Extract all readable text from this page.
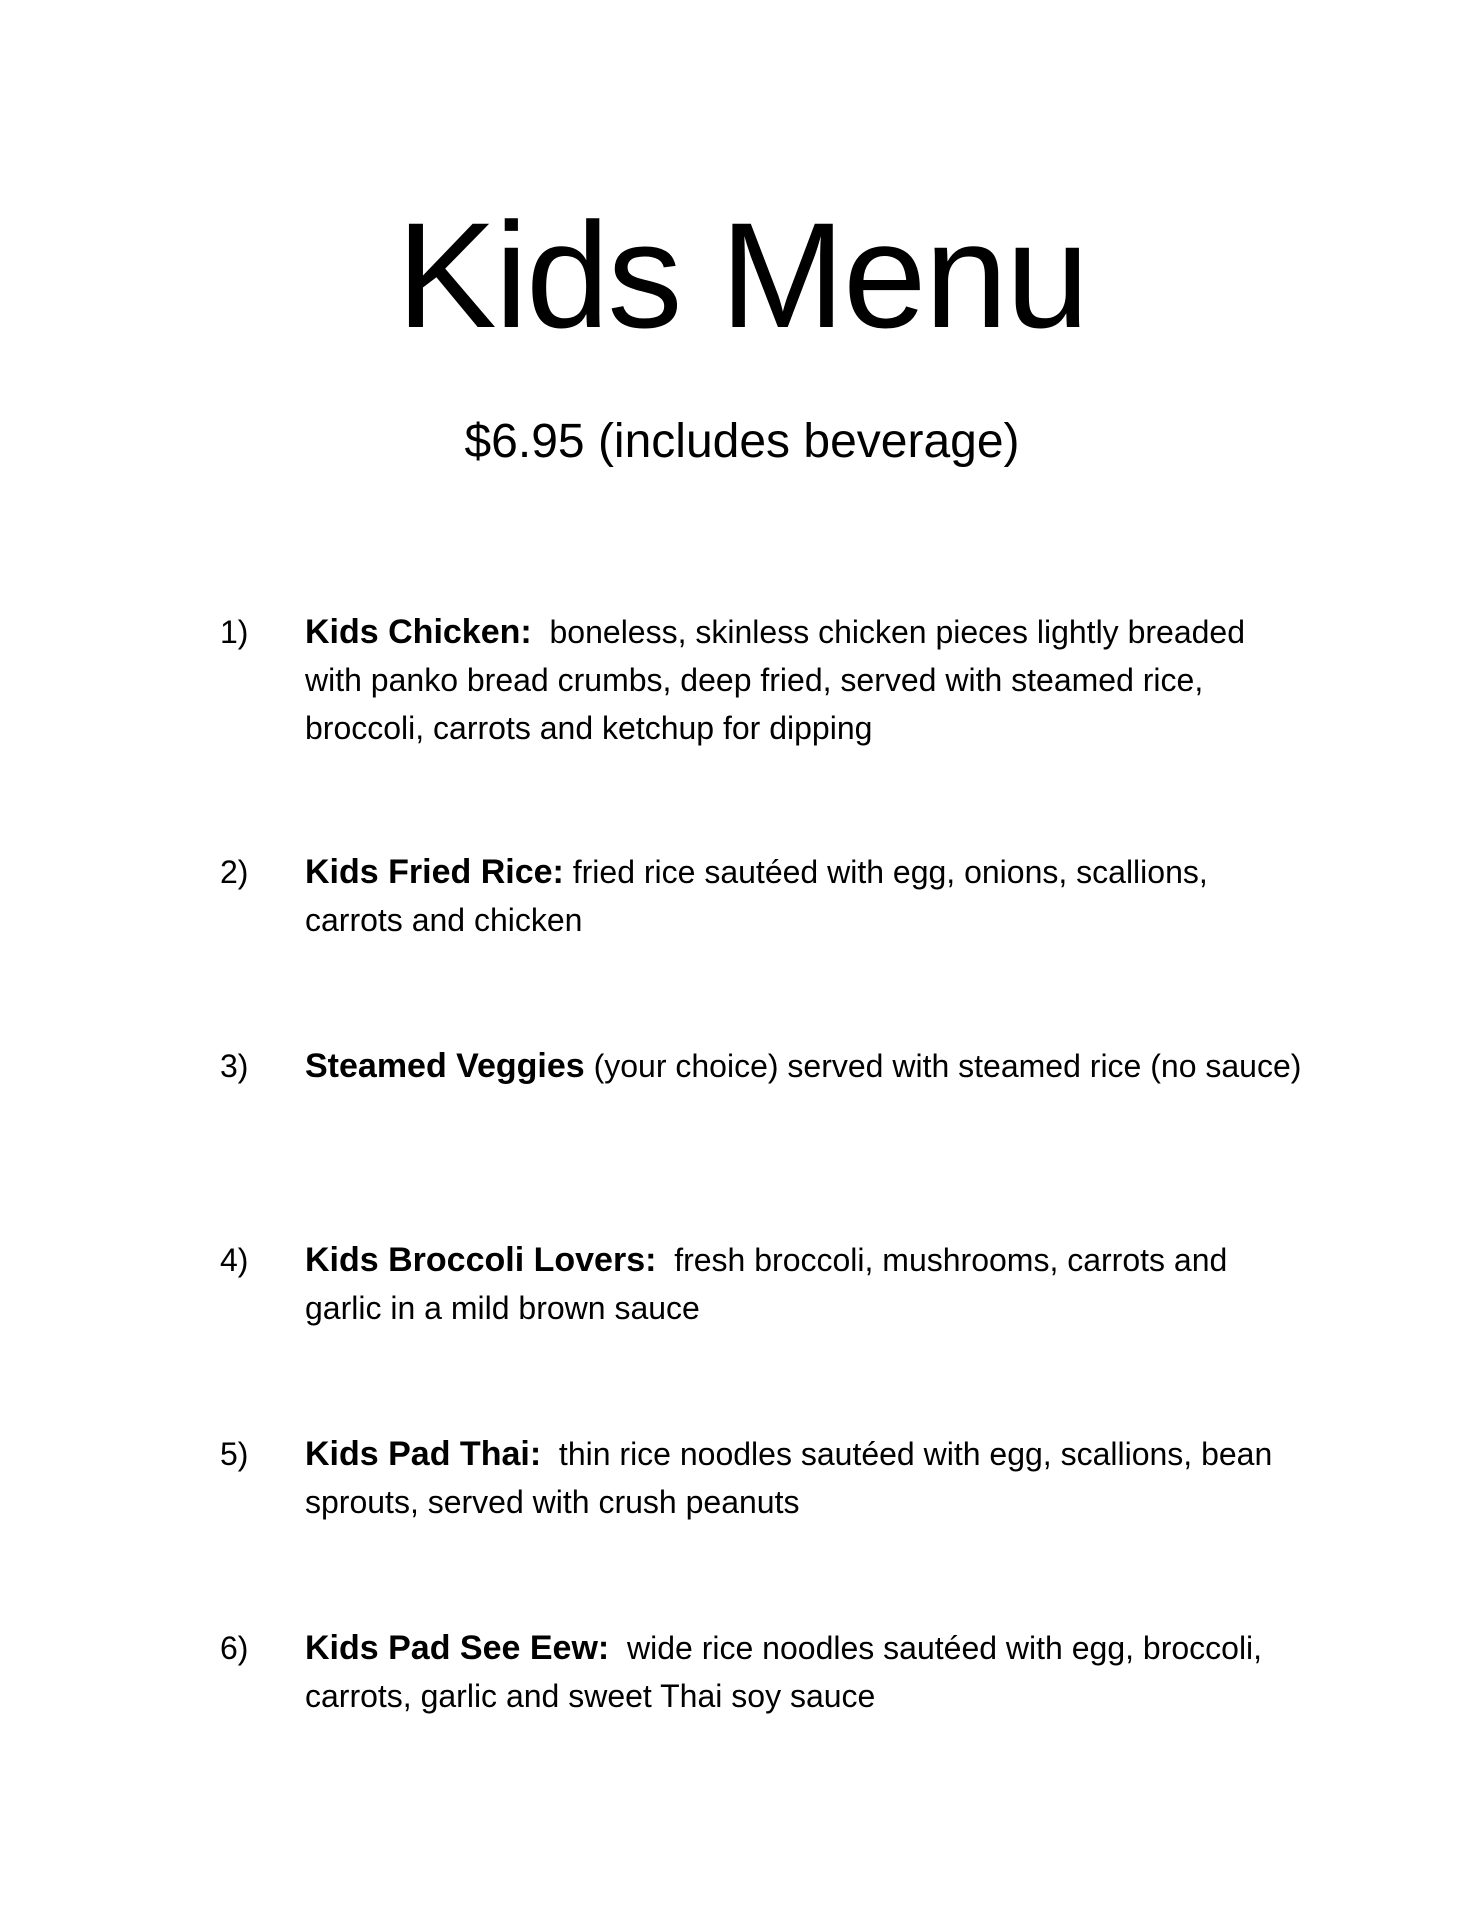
Kids Menu
$6.95 (includes beverage)
1) Kids Chicken: boneless, skinless chicken pieces lightly breaded with panko bread crumbs, deep fried, served with steamed rice, broccoli, carrots and ketchup for dipping
2) Kids Fried Rice: fried rice sautéed with egg, onions, scallions, carrots and chicken
3) Steamed Veggies (your choice) served with steamed rice (no sauce)
4) Kids Broccoli Lovers: fresh broccoli, mushrooms, carrots and garlic in a mild brown sauce
5) Kids Pad Thai: thin rice noodles sautéed with egg, scallions, bean sprouts, served with crush peanuts
6) Kids Pad See Eew: wide rice noodles sautéed with egg, broccoli, carrots, garlic and sweet Thai soy sauce
